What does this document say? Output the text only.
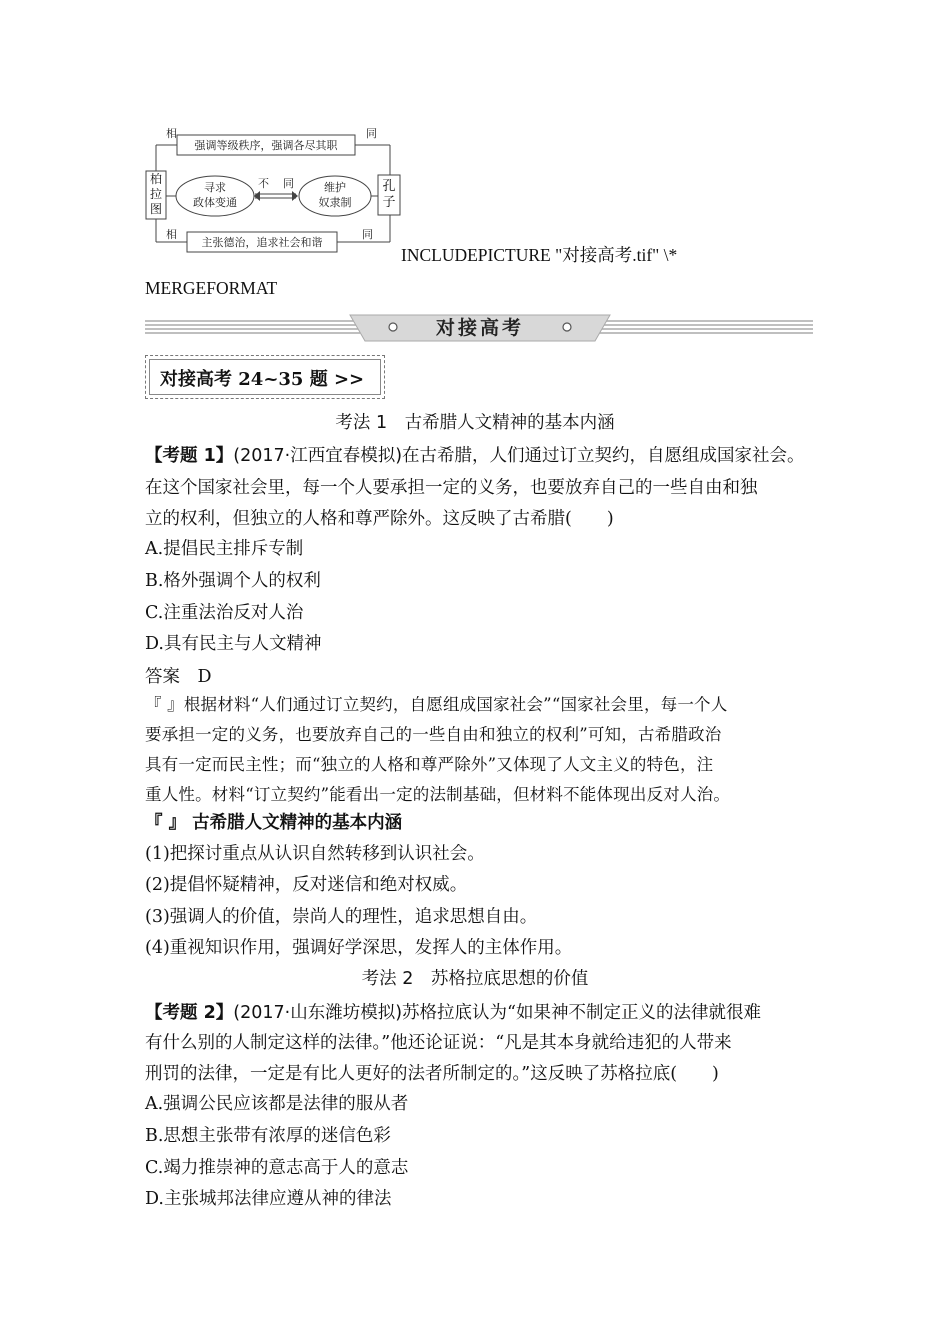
强调等级秩序，强调各尽其职
主张德治，追求社会和谐
寻求
政体变通
维护
奴隶制
不 同
相	同
相	同
柏拉图
孔子
INCLUDEPICTURE "对接高考.tif" \*
MERGEFORMAT
对接高考
对接高考 24~35 题 >>
考法 1　古希腊人文精神的基本内涵
【考题 1】(2017·江西宜春模拟)在古希腊，人们通过订立契约，自愿组成国家社会。
在这个国家社会里，每一个人要承担一定的义务，也要放弃自己的一些自由和独
立的权利，但独立的人格和尊严除外。这反映了古希腊(　　)
A.提倡民主排斥专制
B.格外强调个人的权利
C.注重法治反对人治
D.具有民主与人文精神
答案　 D
『 』根据材料“人们通过订立契约，自愿组成国家社会”“国家社会里，每一个人
要承担一定的义务，也要放弃自己的一些自由和独立的权利”可知，古希腊政治
具有一定而民主性；而“独立的人格和尊严除外”又体现了人文主义的特色，注
重人性。材料“订立契约”能看出一定的法制基础，但材料不能体现出反对人治。
『 』 古希腊人文精神的基本内涵
(1)把探讨重点从认识自然转移到认识社会。
(2)提倡怀疑精神，反对迷信和绝对权威。
(3)强调人的价值，崇尚人的理性，追求思想自由。
(4)重视知识作用，强调好学深思，发挥人的主体作用。
考法 2　苏格拉底思想的价值
【考题 2】(2017·山东潍坊模拟)苏格拉底认为“如果神不制定正义的法律就很难
有什么别的人制定这样的法律。”他还论证说：“凡是其本身就给违犯的人带来
刑罚的法律，一定是有比人更好的法者所制定的。”这反映了苏格拉底(　　)
A.强调公民应该都是法律的服从者
B.思想主张带有浓厚的迷信色彩
C.竭力推崇神的意志高于人的意志
D.主张城邦法律应遵从神的律法
